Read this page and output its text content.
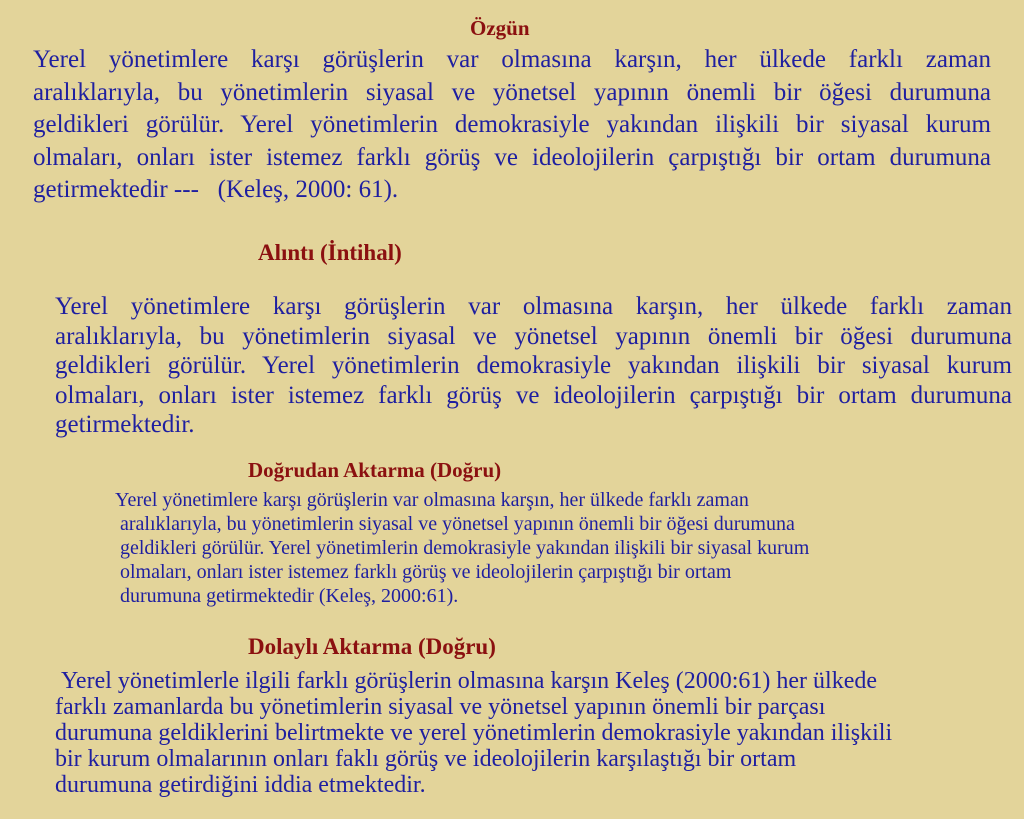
Özgün
Yerel yönetimlere karşı görüşlerin var olmasına karşın, her ülkede farklı zaman
aralıklarıyla, bu yönetimlerin siyasal ve yönetsel yapının önemli bir öğesi durumuna
geldikleri görülür. Yerel yönetimlerin demokrasiyle yakından ilişkili bir siyasal kurum
olmaları, onları ister istemez farklı görüş ve ideolojilerin çarpıştığı bir ortam durumuna
getirmektedir ---   (Keleş, 2000: 61).
Alıntı (İntihal)
Yerel yönetimlere karşı görüşlerin var olmasına karşın, her ülkede farklı zaman
aralıklarıyla, bu yönetimlerin siyasal ve yönetsel yapının önemli bir öğesi durumuna
geldikleri görülür. Yerel yönetimlerin demokrasiyle yakından ilişkili bir siyasal kurum
olmaları, onları ister istemez farklı görüş ve ideolojilerin çarpıştığı bir ortam durumuna
getirmektedir.
Doğrudan Aktarma (Doğru)
Yerel yönetimlere karşı görüşlerin var olmasına karşın, her ülkede farklı zaman
aralıklarıyla, bu yönetimlerin siyasal ve yönetsel yapının önemli bir öğesi durumuna
geldikleri görülür. Yerel yönetimlerin demokrasiyle yakından ilişkili bir siyasal kurum
olmaları, onları ister istemez farklı görüş ve ideolojilerin çarpıştığı bir ortam
durumuna getirmektedir (Keleş, 2000:61).
Dolaylı Aktarma (Doğru)
Yerel yönetimlerle ilgili farklı görüşlerin olmasına karşın Keleş (2000:61) her ülkede
farklı zamanlarda bu yönetimlerin siyasal ve yönetsel yapının önemli bir parçası
durumuna geldiklerini belirtmekte ve yerel yönetimlerin demokrasiyle yakından ilişkili
bir kurum olmalarının onları faklı görüş ve ideolojilerin karşılaştığı bir ortam
durumuna getirdiğini iddia etmektedir.
